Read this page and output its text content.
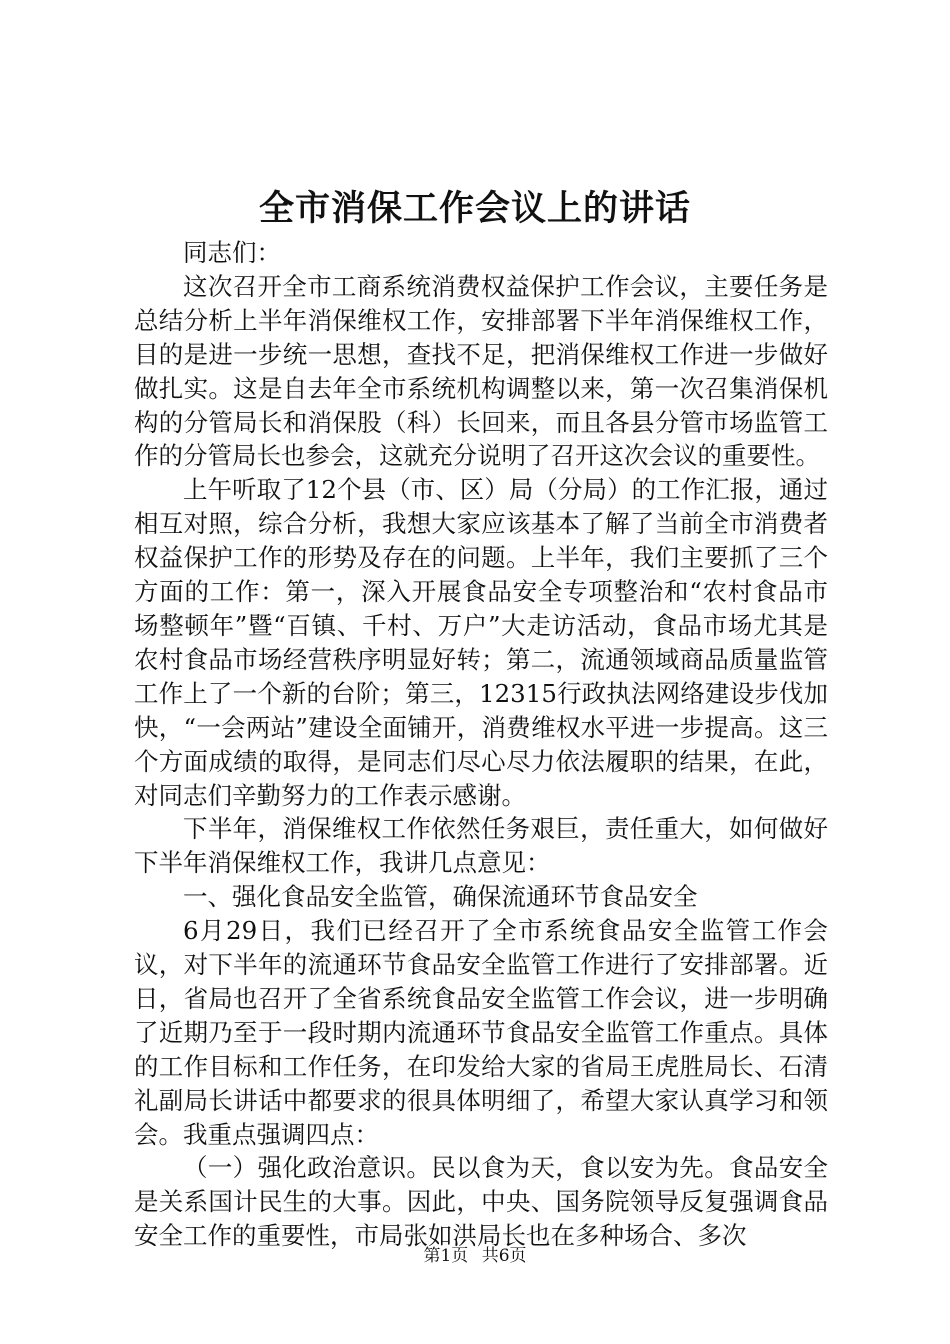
全市消保工作会议上的讲话

同志们：

这次召开全市工商系统消费权益保护工作会议，主要任务是总结分析上半年消保维权工作，安排部署下半年消保维权工作，目的是进一步统一思想，查找不足，把消保维权工作进一步做好做扎实。这是自去年全市系统机构调整以来，第一次召集消保机构的分管局长和消保股（科）长回来，而且各县分管市场监管工作的分管局长也参会，这就充分说明了召开这次会议的重要性。

上午听取了12个县（市、区）局（分局）的工作汇报，通过相互对照，综合分析，我想大家应该基本了解了当前全市消费者权益保护工作的形势及存在的问题。上半年，我们主要抓了三个方面的工作：第一，深入开展食品安全专项整治和“农村食品市场整顿年”暨“百镇、千村、万户”大走访活动，食品市场尤其是农村食品市场经营秩序明显好转；第二，流通领域商品质量监管工作上了一个新的台阶；第三，12315行政执法网络建设步伐加快，“一会两站”建设全面铺开，消费维权水平进一步提高。这三个方面成绩的取得，是同志们尽心尽力依法履职的结果，在此，对同志们辛勤努力的工作表示感谢。

下半年，消保维权工作依然任务艰巨，责任重大，如何做好下半年消保维权工作，我讲几点意见：

一、强化食品安全监管，确保流通环节食品安全

6月29日，我们已经召开了全市系统食品安全监管工作会议，对下半年的流通环节食品安全监管工作进行了安排部署。近日，省局也召开了全省系统食品安全监管工作会议，进一步明确了近期乃至于一段时期内流通环节食品安全监管工作重点。具体的工作目标和工作任务，在印发给大家的省局王虎胜局长、石清礼副局长讲话中都要求的很具体明细了，希望大家认真学习和领会。我重点强调四点：

（一）强化政治意识。民以食为天，食以安为先。食品安全是关系国计民生的大事。因此，中央、国务院领导反复强调食品安全工作的重要性，市局张如洪局长也在多种场合、多次

第1页 共6页
